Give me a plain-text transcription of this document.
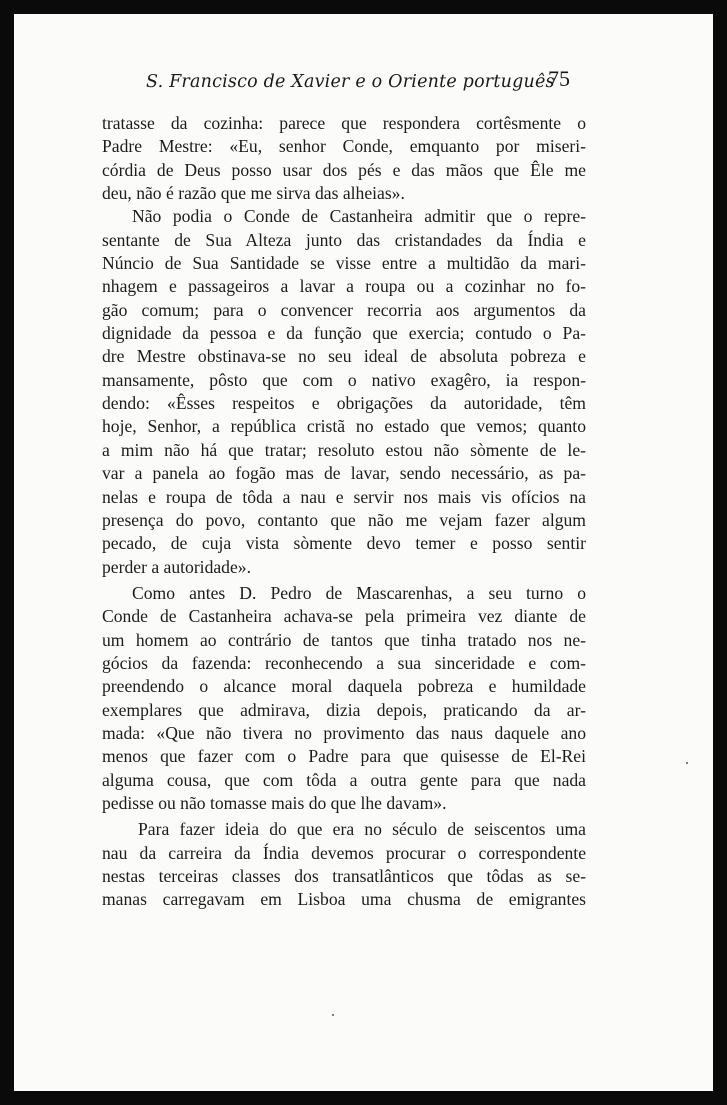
S. Francisco de Xavier e o Oriente português
75
tratasse da cozinha: parece que respondera cortêsmente o
Padre Mestre: «Eu, senhor Conde, emquanto por miseri-
córdia de Deus posso usar dos pés e das mãos que Êle me
deu, não é razão que me sirva das alheias».
Não podia o Conde de Castanheira admitir que o repre-
sentante de Sua Alteza junto das cristandades da Índia e
Núncio de Sua Santidade se visse entre a multidão da mari-
nhagem e passageiros a lavar a roupa ou a cozinhar no fo-
gão comum; para o convencer recorria aos argumentos da
dignidade da pessoa e da função que exercia; contudo o Pa-
dre Mestre obstinava-se no seu ideal de absoluta pobreza e
mansamente, pôsto que com o nativo exagêro, ia respon-
dendo: «Êsses respeitos e obrigações da autoridade, têm
hoje, Senhor, a república cristã no estado que vemos; quanto
a mim não há que tratar; resoluto estou não sòmente de le-
var a panela ao fogão mas de lavar, sendo necessário, as pa-
nelas e roupa de tôda a nau e servir nos mais vis ofícios na
presença do povo, contanto que não me vejam fazer algum
pecado, de cuja vista sòmente devo temer e posso sentir
perder a autoridade».
Como antes D. Pedro de Mascarenhas, a seu turno o
Conde de Castanheira achava-se pela primeira vez diante de
um homem ao contrário de tantos que tinha tratado nos ne-
gócios da fazenda: reconhecendo a sua sinceridade e com-
preendendo o alcance moral daquela pobreza e humildade
exemplares que admirava, dizia depois, praticando da ar-
mada: «Que não tivera no provimento das naus daquele ano
menos que fazer com o Padre para que quisesse de El-Rei
alguma cousa, que com tôda a outra gente para que nada
pedisse ou não tomasse mais do que lhe davam».
Para fazer ideia do que era no século de seiscentos uma
nau da carreira da Índia devemos procurar o correspondente
nestas terceiras classes dos transatlânticos que tôdas as se-
manas carregavam em Lisboa uma chusma de emigrantes
